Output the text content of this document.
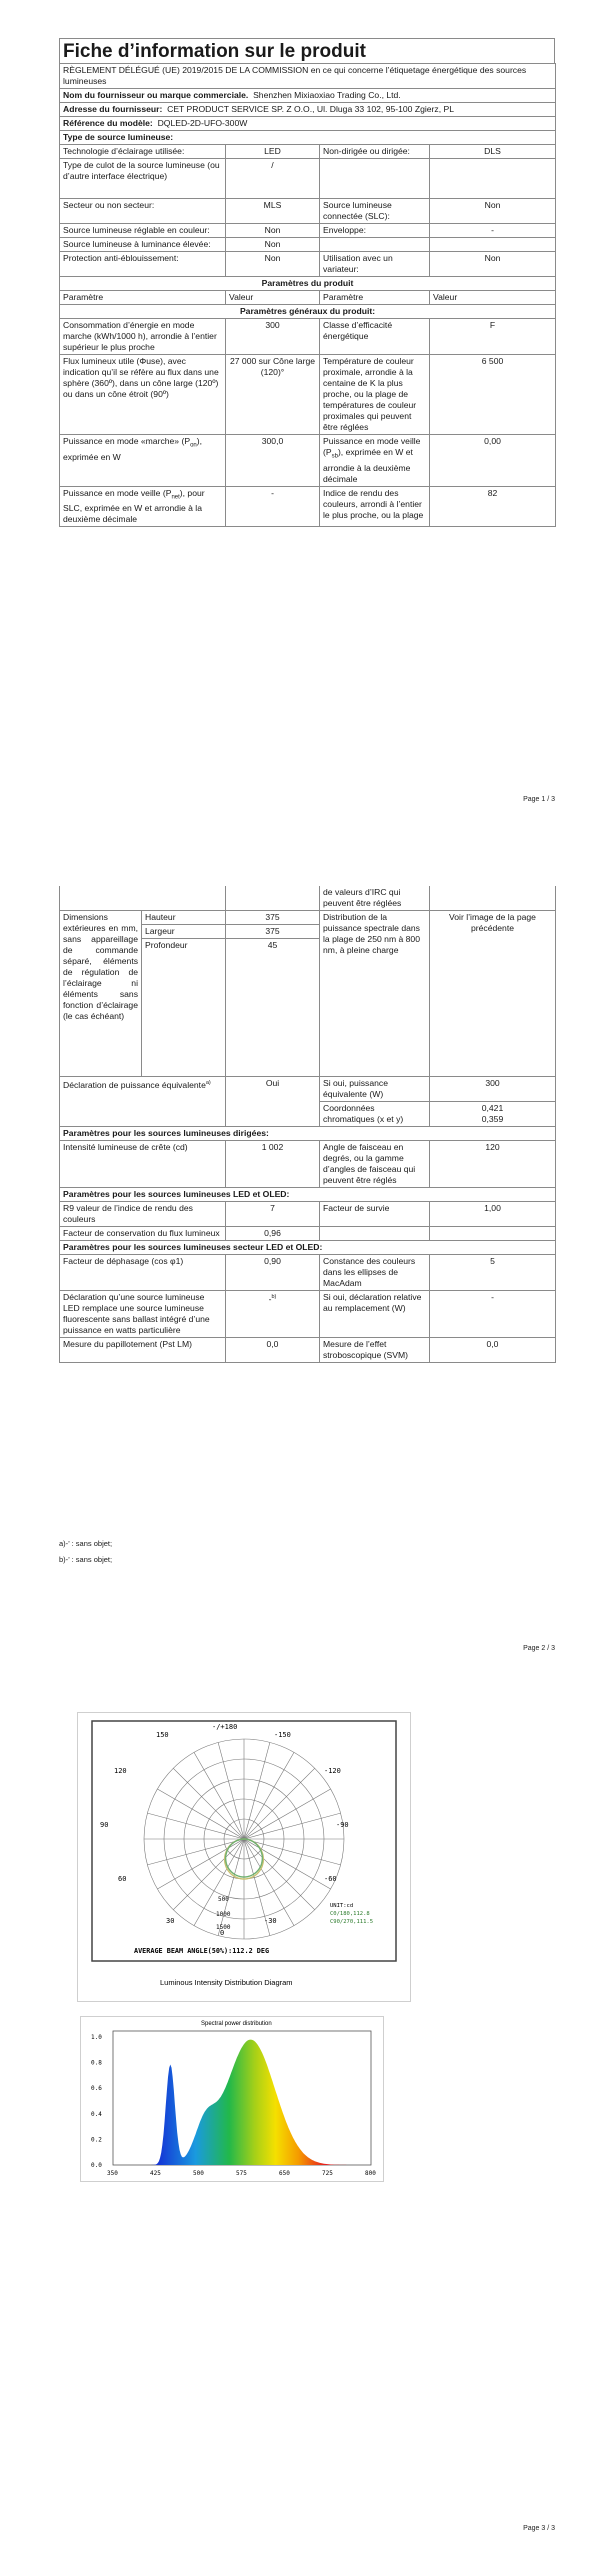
Fiche d’information sur le produit
RÈGLEMENT DÉLÉGUÉ (UE) 2019/2015 DE LA COMMISSION en ce qui concerne l’étiquetage énergétique des sources lumineuses			
Nom du fournisseur ou marque commerciale. Shenzhen Mixiaoxiao Trading Co., Ltd.			
Adresse du fournisseur: CET PRODUCT SERVICE SP. Z O.O., Ul. Dluga 33 102, 95-100 Zgierz, PL			
Référence du modèle: DQLED-2D-UFO-300W			
Type de source lumineuse:			
Technologie d’éclairage utilisée:	LED	Non-dirigée ou dirigée:	DLS
Type de culot de la source lumineuse (ou d’autre interface électrique)	/		
Secteur ou non secteur:	MLS	Source lumineuse connectée (SLC):	Non
Source lumineuse réglable en couleur:	Non	Enveloppe:	-
Source lumineuse à luminance élevée:	Non		
Protection anti-éblouissement:	Non	Utilisation avec un variateur:	Non
Paramètres du produit			
Paramètre	Valeur	Paramètre	Valeur
Paramètres généraux du produit:			
Consommation d’énergie en mode marche (kWh/1000 h), arrondie à l’entier supérieur le plus proche	300	Classe d’efficacité énergétique	F
Flux lumineux utile (Φuse), avec indication qu’il se réfère au flux dans une sphère (360º), dans un cône large (120º) ou dans un cône étroit (90º)	27 000 sur Cône large (120)°	Température de couleur proximale, arrondie à la centaine de K la plus proche, ou la plage de températures de couleur proximales qui peuvent être réglées	6 500
Puissance en mode «marche» $(P_{on})$, exprimée en W	300,0	Puissance en mode veille $(P_{sb})$, exprimée en W et arrondie à la deuxième décimale	0,00
Puissance en mode veille $(P_{net})$, pour SLC, exprimée en W et arrondie à la deuxième décimale	-	Indice de rendu des couleurs, arrondi à l’entier le plus proche, ou la plage	82
Page 1 / 3
			de valeurs d’IRC qui peuvent être réglées	
Dimensions extérieures en mm, sans appareillage de commande séparé, éléments de régulation de l’éclairage ni éléments sans fonction d’éclairage (le cas échéant)	Hauteur	375	Distribution de la puissance spectrale dans la plage de 250 nm à 800 nm, à pleine charge	Voir l’image de la page précédente
	Largeur	375		
	Profondeur	45		
Déclaration de puissance équivalente$^{a)}$		Oui	Si oui, puissance équivalente (W)	300
			Coordonnées chromatiques (x et y)	0,421
0,359

Paramètres pour les sources lumineuses dirigées:				
Intensité lumineuse de crête (cd)		1 002	Angle de faisceau en degrés, ou la gamme d’angles de faisceau qui peuvent être réglés	120
Paramètres pour les sources lumineuses LED et OLED:				
R9 valeur de l’indice de rendu des couleurs		7	Facteur de survie	1,00
Facteur de conservation du flux lumineux		0,96		
Paramètres pour les sources lumineuses secteur LED et OLED:				
Facteur de déphasage (cos φ1)		0,90	Constance des couleurs dans les ellipses de MacAdam	5
Déclaration qu’une source lumineuse LED remplace une source lumineuse fluorescente sans ballast intégré d’une puissance en watts particulière		-$^{b)}$	Si oui, déclaration relative au remplacement (W)	-
Mesure du papillotement (Pst LM)		0,0	Mesure de l’effet stroboscopique (SVM)	0,0
a)-’ : sans objet;
b)-’ : sans objet;
Page 2 / 3
-/+180
150	-150
120	-120
90	-90
60	-60
30	-30
0
500
1000
1500
UNIT:cd
C0/180,112.8
C90/270,111.5
AVERAGE BEAM ANGLE(50%):112.2 DEG
Luminous Intensity Distribution Diagram
Spectral power distribution
1.0
0.8
0.6
0.4
0.2
0.0
350	425	500	575	650	725	800
Page 3 / 3
